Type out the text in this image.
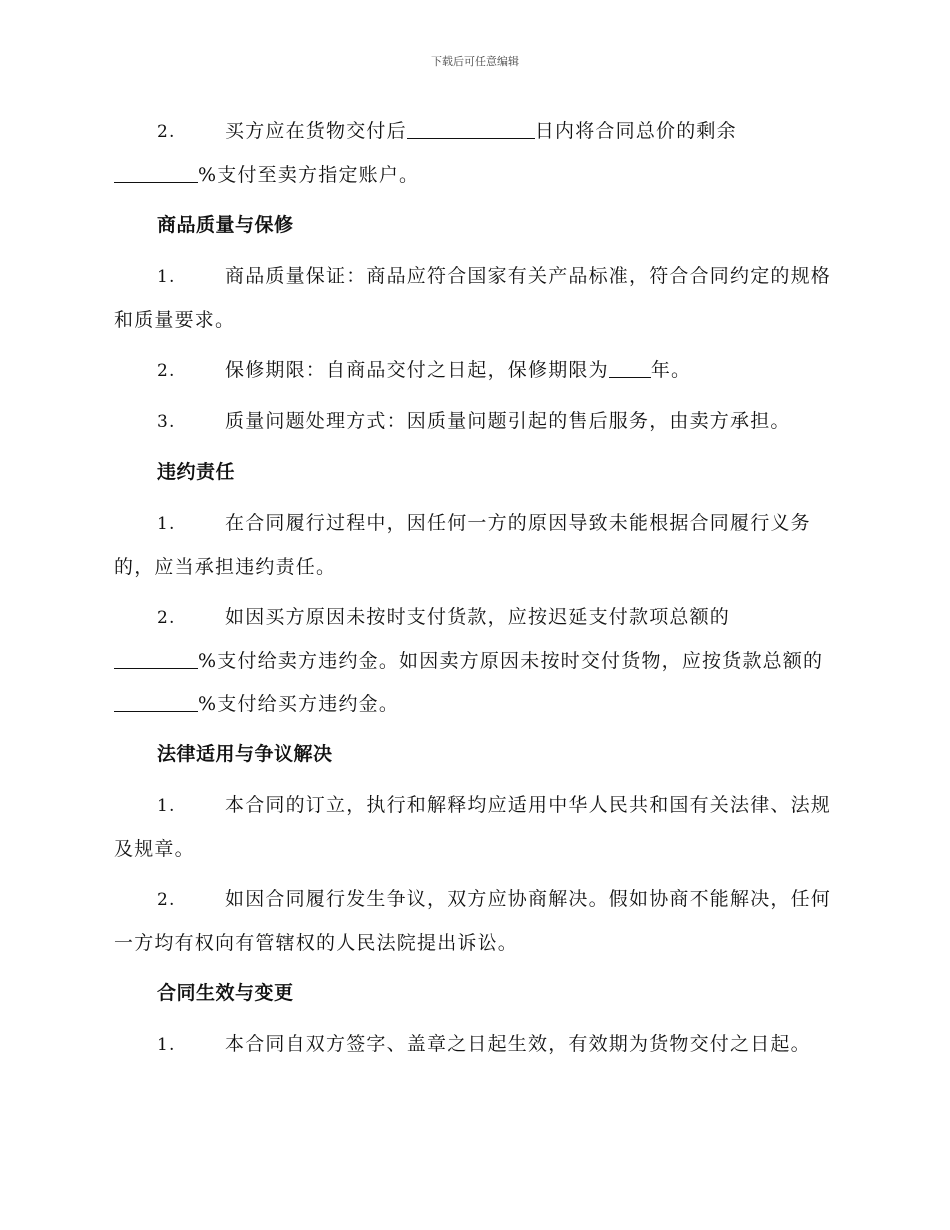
下载后可任意编辑

2.	买方应在货物交付后	日内将合同总价的剩余
%支付至卖方指定账户。

商品质量与保修

1.	商品质量保证：商品应符合国家有关产品标准，符合合同约定的规格和质量要求。

2.	保修期限：自商品交付之日起，保修期限为 年。

3.	质量问题处理方式：因质量问题引起的售后服务，由卖方承担。

违约责任

1.	在合同履行过程中，因任何一方的原因导致未能根据合同履行义务的，应当承担违约责任。

2.	如因买方原因未按时支付货款，应按迟延支付款项总额的
%支付给卖方违约金。如因卖方原因未按时交付货物，应按货款总额的%支付给买方违约金。

法律适用与争议解决

1.	本合同的订立，执行和解释均应适用中华人民共和国有关法律、法规及规章。

2.	如因合同履行发生争议，双方应协商解决。假如协商不能解决，任何一方均有权向有管辖权的人民法院提出诉讼。

合同生效与变更

1.	本合同自双方签字、盖章之日起生效，有效期为货物交付之日起。
